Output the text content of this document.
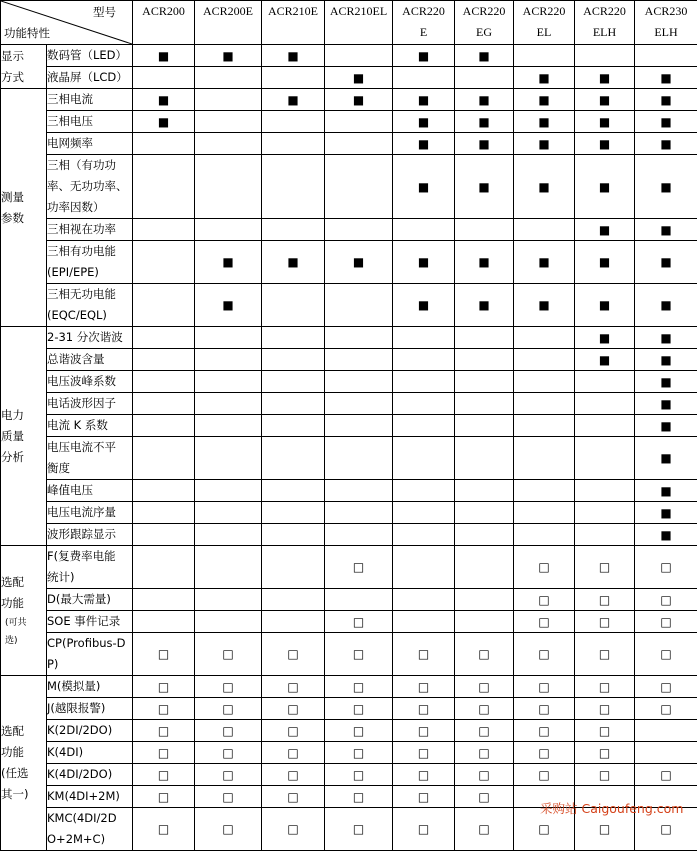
型号
功能特性		ACR200	ACR200E	ACR210E	ACR210EL	ACR220
E	ACR220
EG	ACR220
EL	ACR220
ELH	ACR230
ELH
显示
方式	数码管（LED）	■	■	■		■	■			
	液晶屏（LCD）				■			■	■	■
测量
参数	三相电流	■		■	■	■	■	■	■	■
	三相电压	■				■	■	■	■	■
	电网频率					■	■	■	■	■
	三相（有功功
率、无功功率、
功率因数）					■	■	■	■	■
	三相视在功率								■	■
	三相有功电能
(EPI/EPE)		■	■	■	■	■	■	■	■
	三相无功电能
(EQC/EQL)		■			■	■	■	■	■
电力
质量
分析	2-31 分次谐波								■	■
	总谐波含量								■	■
	电压波峰系数									■
	电话波形因子									■
	电流 K 系数									■
	电压电流不平
衡度									■
	峰值电压									■
	电压电流序量									■
	波形跟踪显示									■
选配
功能
(可共
选)	F(复费率电能
统计)				□			□	□	□
	D(最大需量)							□	□	□
	SOE 事件记录				□			□	□	□
	CP(Profibus-D
P)	□	□	□	□	□	□	□	□	□
选配
功能
(任选
其一)	M(模拟量)	□	□	□	□	□	□	□	□	□
	J(越限报警)	□	□	□	□	□	□	□	□	□
	K(2DI/2DO)	□	□	□	□	□	□	□	□	
	K(4DI)	□	□	□	□	□	□	□	□	
	K(4DI/2DO)	□	□	□	□	□	□	□	□	□
	KM(4DI+2M)	□	□	□	□	□	□			
	KMC(4DI/2D
O+2M+C)	□	□	□	□	□	□	□	□	□
采购站 Caigoufeng.com
